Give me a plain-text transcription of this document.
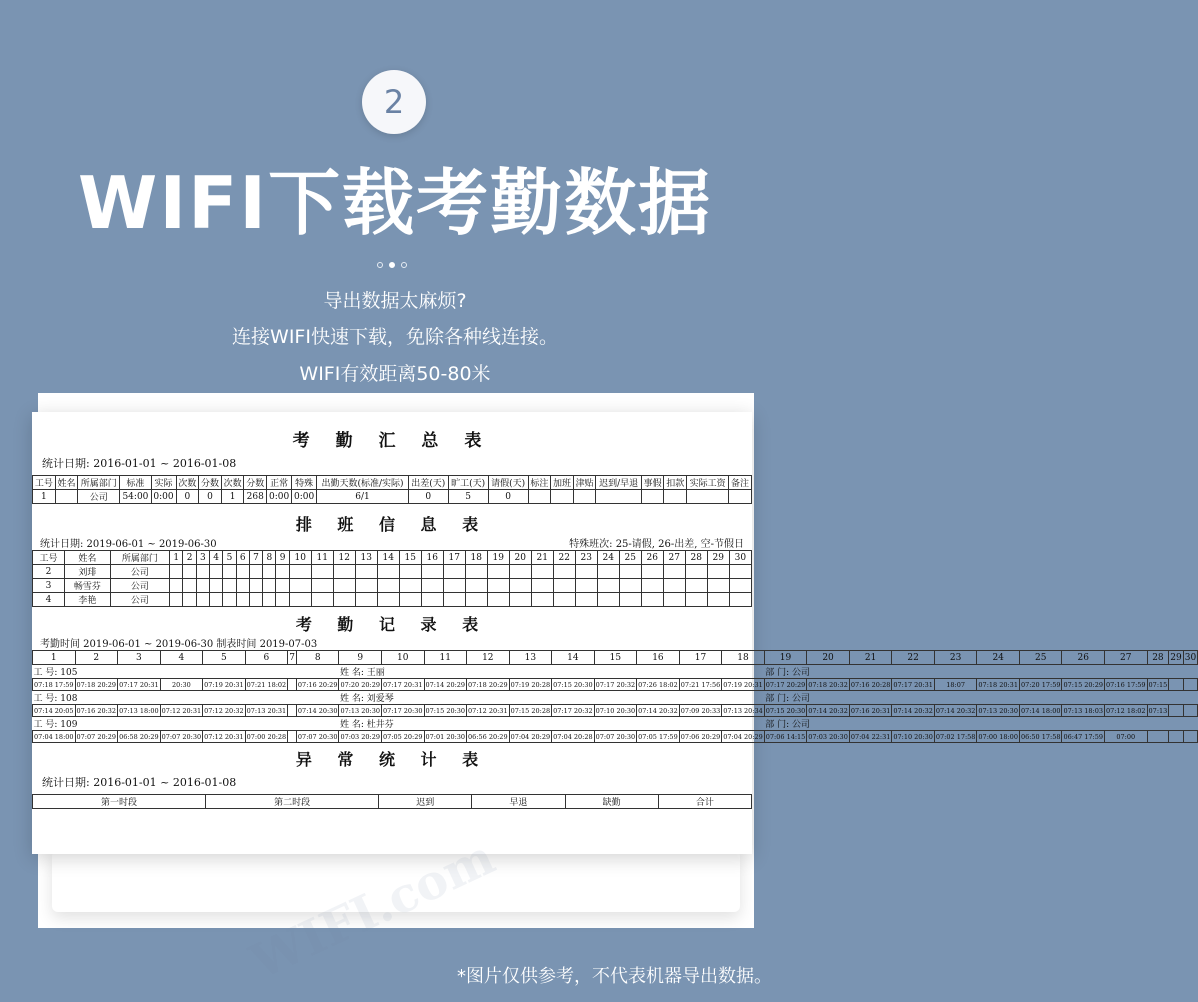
2
WIFI下载考勤数据
导出数据太麻烦?
连接WIFI快速下载，免除各种线连接。
WIFI有效距离50-80米
考 勤 汇 总 表
统计日期: 2016-01-01 ~ 2016-01-08
工号	姓名	所属部门	标准	实际	次数	分数	次数	分数	正常	特殊	出勤天数(标准/实际)	出差(天)	旷工(天)	请假(天)	标注	加班	津贴	迟到/早退	事假	扣款	实际工资	备注
1		公司	54:00	0:00	0	0	1	268	0:00	0:00	6/1	0	5	0								
排 班 信 息 表
统计日期: 2019-06-01 ~ 2019-06-30	特殊班次: 25-请假, 26-出差, 空-节假日
工号	姓名	所属部门	1	2	3	4	5	6	7	8	9	10	11	12	13	14	15	16	17	18	19	20	21	22	23	24	25	26	27	28	29	30
2	刘琲	公司																														
3	畅雪芬	公司																														
4	李艳	公司																														
考 勤 记 录 表
考勤时间 2019-06-01 ~ 2019-06-30 制表时间 2019-07-03
1	2	3	4	5	6	7	8	9	10	11	12	13	14	15	16	17	18	19	20	21	22	23	24	25	26	27	28	29	30
工 号: 105								姓 名: 王丽										部 门: 公司											
07:18 17:59	07:18 20:29	07:17 20:31	20:30	07:19 20:31	07:21 18:02		07:16 20:29	07:20 20:29	07:17 20:31	07:14 20:29	07:18 20:29	07:19 20:28	07:15 20:30	07:17 20:32	07:26 18:02	07:21 17:56	07:19 20:31	07:17 20:29	07:18 20:32	07:16 20:28	07:17 20:31	18:07	07:18 20:31	07:20 17:59	07:15 20:29	07:16 17:59	07:15		
工 号: 108								姓 名: 刘爱琴										部 门: 公司											
07:14 20:05	07:16 20:32	07:13 18:00	07:12 20:31	07:12 20:32	07:13 20:31		07:14 20:30	07:13 20:30	07:17 20:30	07:15 20:30	07:12 20:31	07:15 20:28	07:17 20:32	07:10 20:30	07:14 20:32	07:09 20:33	07:13 20:34	07:15 20:30	07:14 20:32	07:16 20:31	07:14 20:32	07:14 20:32	07:13 20:30	07:14 18:00	07:13 18:03	07:12 18:02	07:13		
工 号: 109								姓 名: 杜井芬										部 门: 公司											
07:04 18:00	07:07 20:29	06:58 20:29	07:07 20:30	07:12 20:31	07:00 20:28		07:07 20:30	07:03 20:29	07:05 20:29	07:01 20:30	06:56 20:29	07:04 20:29	07:04 20:28	07:07 20:30	07:05 17:59	07:06 20:29	07:04 20:29	07:06 14:15	07:03 20:30	07:04 22:31	07:10 20:30	07:02 17:58	07:00 18:00	06:50 17:58	06:47 17:59	07:00			
异 常 统 计 表
统计日期: 2016-01-01 ~ 2016-01-08
第一时段	第二时段	迟到	早退	缺勤	合计
*图片仅供参考，不代表机器导出数据。
